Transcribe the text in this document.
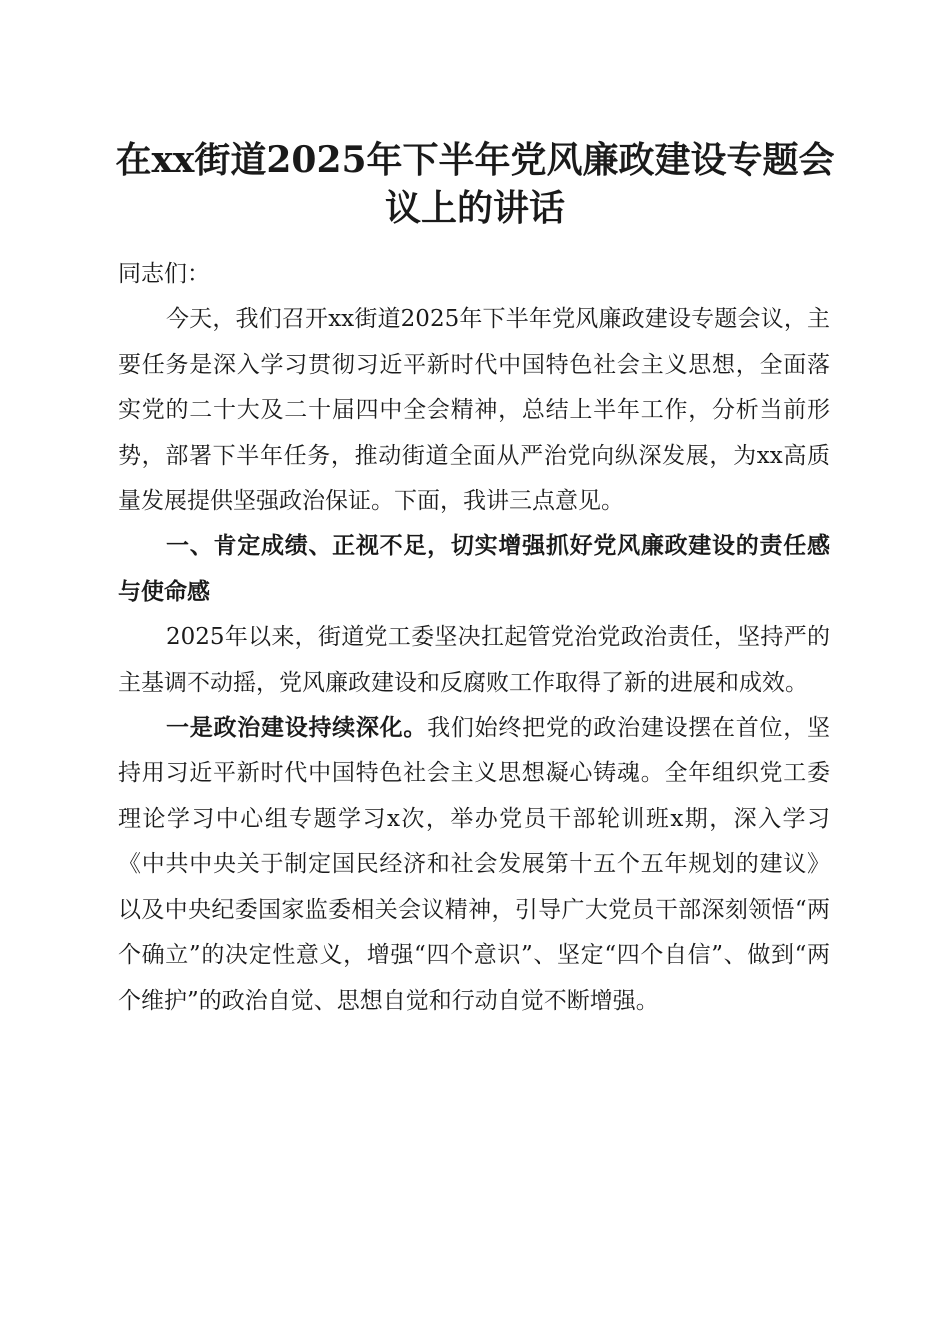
在xx街道2025年下半年党风廉政建设专题会
议上的讲话

同志们：

今天，我们召开xx街道2025年下半年党风廉政建设专题会议，主要任务是深入学习贯彻习近平新时代中国特色社会主义思想，全面落实党的二十大及二十届四中全会精神，总结上半年工作，分析当前形势，部署下半年任务，推动街道全面从严治党向纵深发展，为xx高质量发展提供坚强政治保证。下面，我讲三点意见。

一、肯定成绩、正视不足，切实增强抓好党风廉政建设的责任感与使命感

2025年以来，街道党工委坚决扛起管党治党政治责任，坚持严的主基调不动摇，党风廉政建设和反腐败工作取得了新的进展和成效。

一是政治建设持续深化。我们始终把党的政治建设摆在首位，坚持用习近平新时代中国特色社会主义思想凝心铸魂。全年组织党工委理论学习中心组专题学习x次，举办党员干部轮训班x期，深入学习《中共中央关于制定国民经济和社会发展第十五个五年规划的建议》以及中央纪委国家监委相关会议精神，引导广大党员干部深刻领悟“两个确立”的决定性意义，增强“四个意识”、坚定“四个自信”、做到“两个维护”的政治自觉、思想自觉和行动自觉不断增强。
